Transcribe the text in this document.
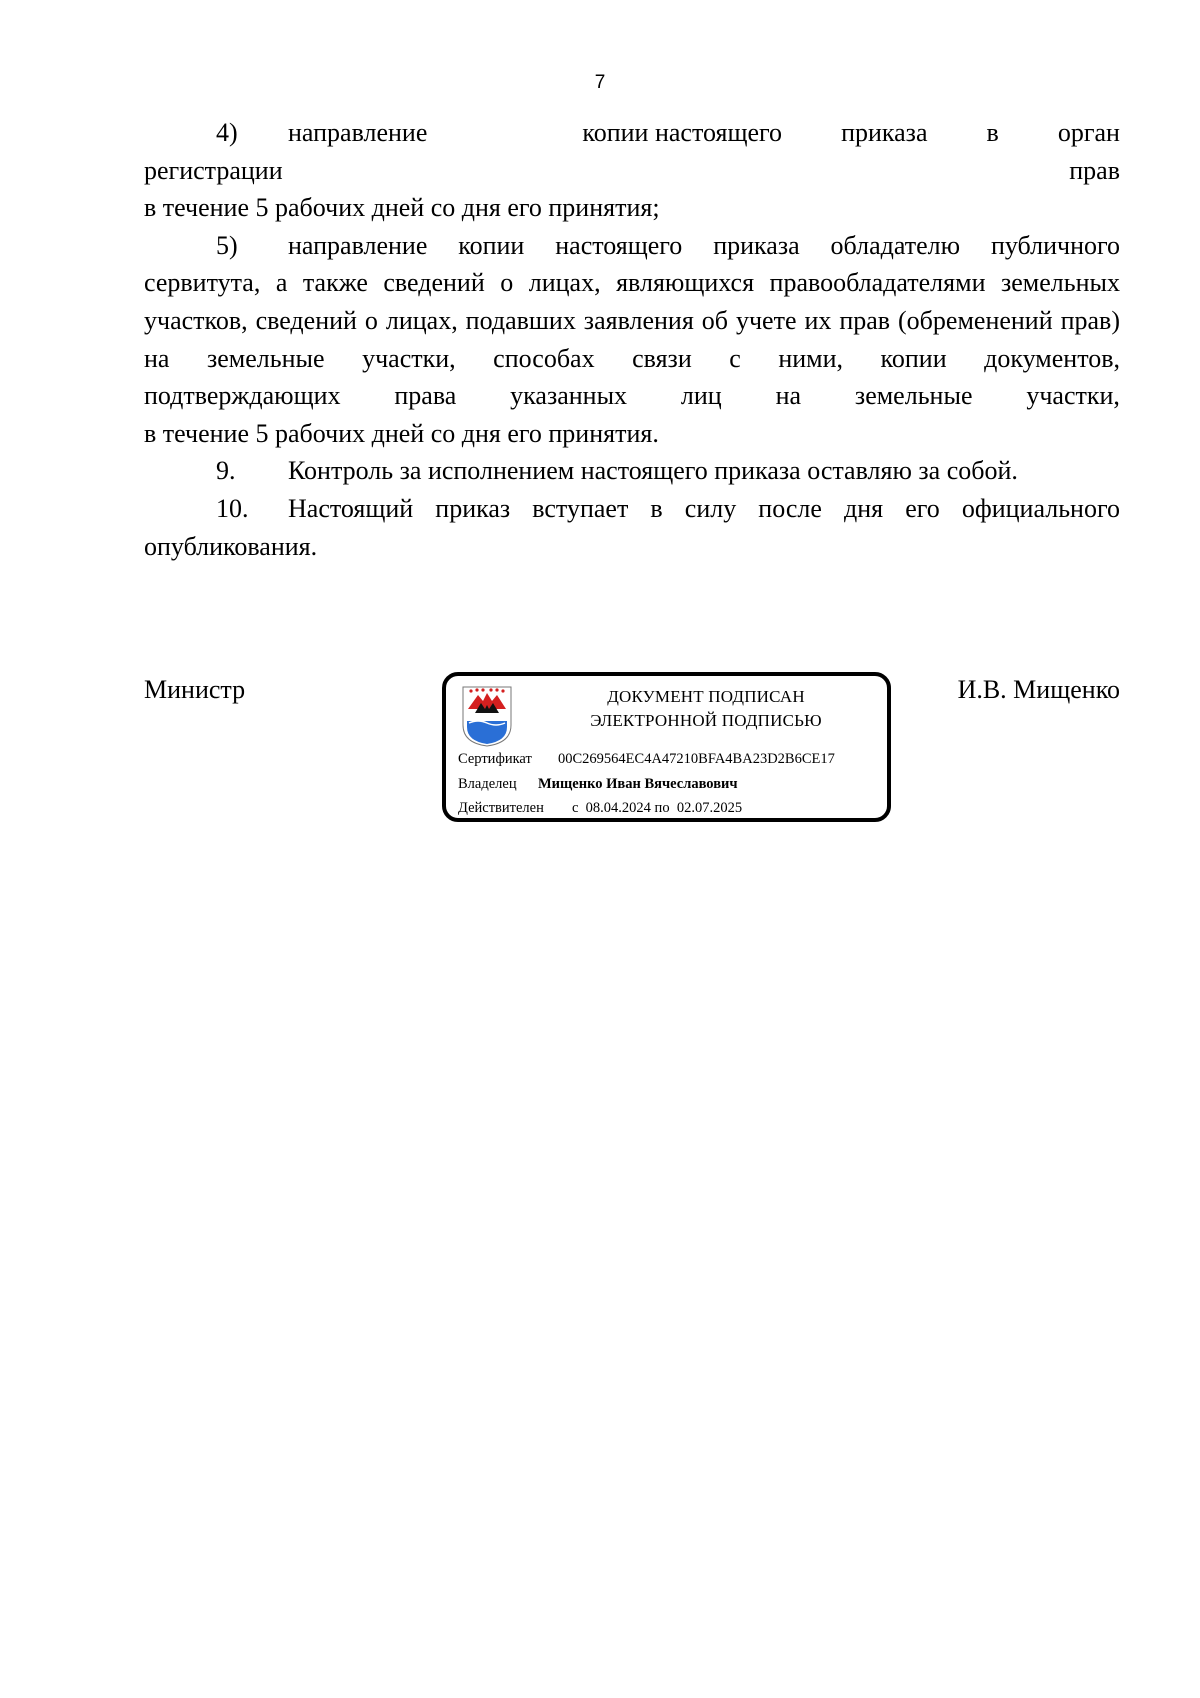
7
4)	направление	копии настоящего приказа в орган
регистрации	прав
в течение 5 рабочих дней со дня его принятия;
5) направление копии настоящего приказа обладателю публичного
сервитута, а также сведений о лицах, являющихся правообладателями земельных участков, сведений о лицах, подавших заявления об учете их прав (обременений прав) на земельные участки, способах связи с ними, копии документов,
подтверждающих права указанных лиц на земельные участки,
в течение 5 рабочих дней со дня его принятия.
9. Контроль за исполнением настоящего приказа оставляю за собой.
10. Настоящий приказ вступает в силу после дня его официального
опубликования.
Министр	ДОКУМЕНТ ПОДПИСАН
ЭЛЕКТРОННОЙ ПОДПИСЬЮ
Сертификат 00C269564EC4A47210BFA4BA23D2B6CE17
Владелец Мищенко Иван Вячеславович
Действителен с  08.04.2024 по  02.07.2025
И.В. Мищенко
